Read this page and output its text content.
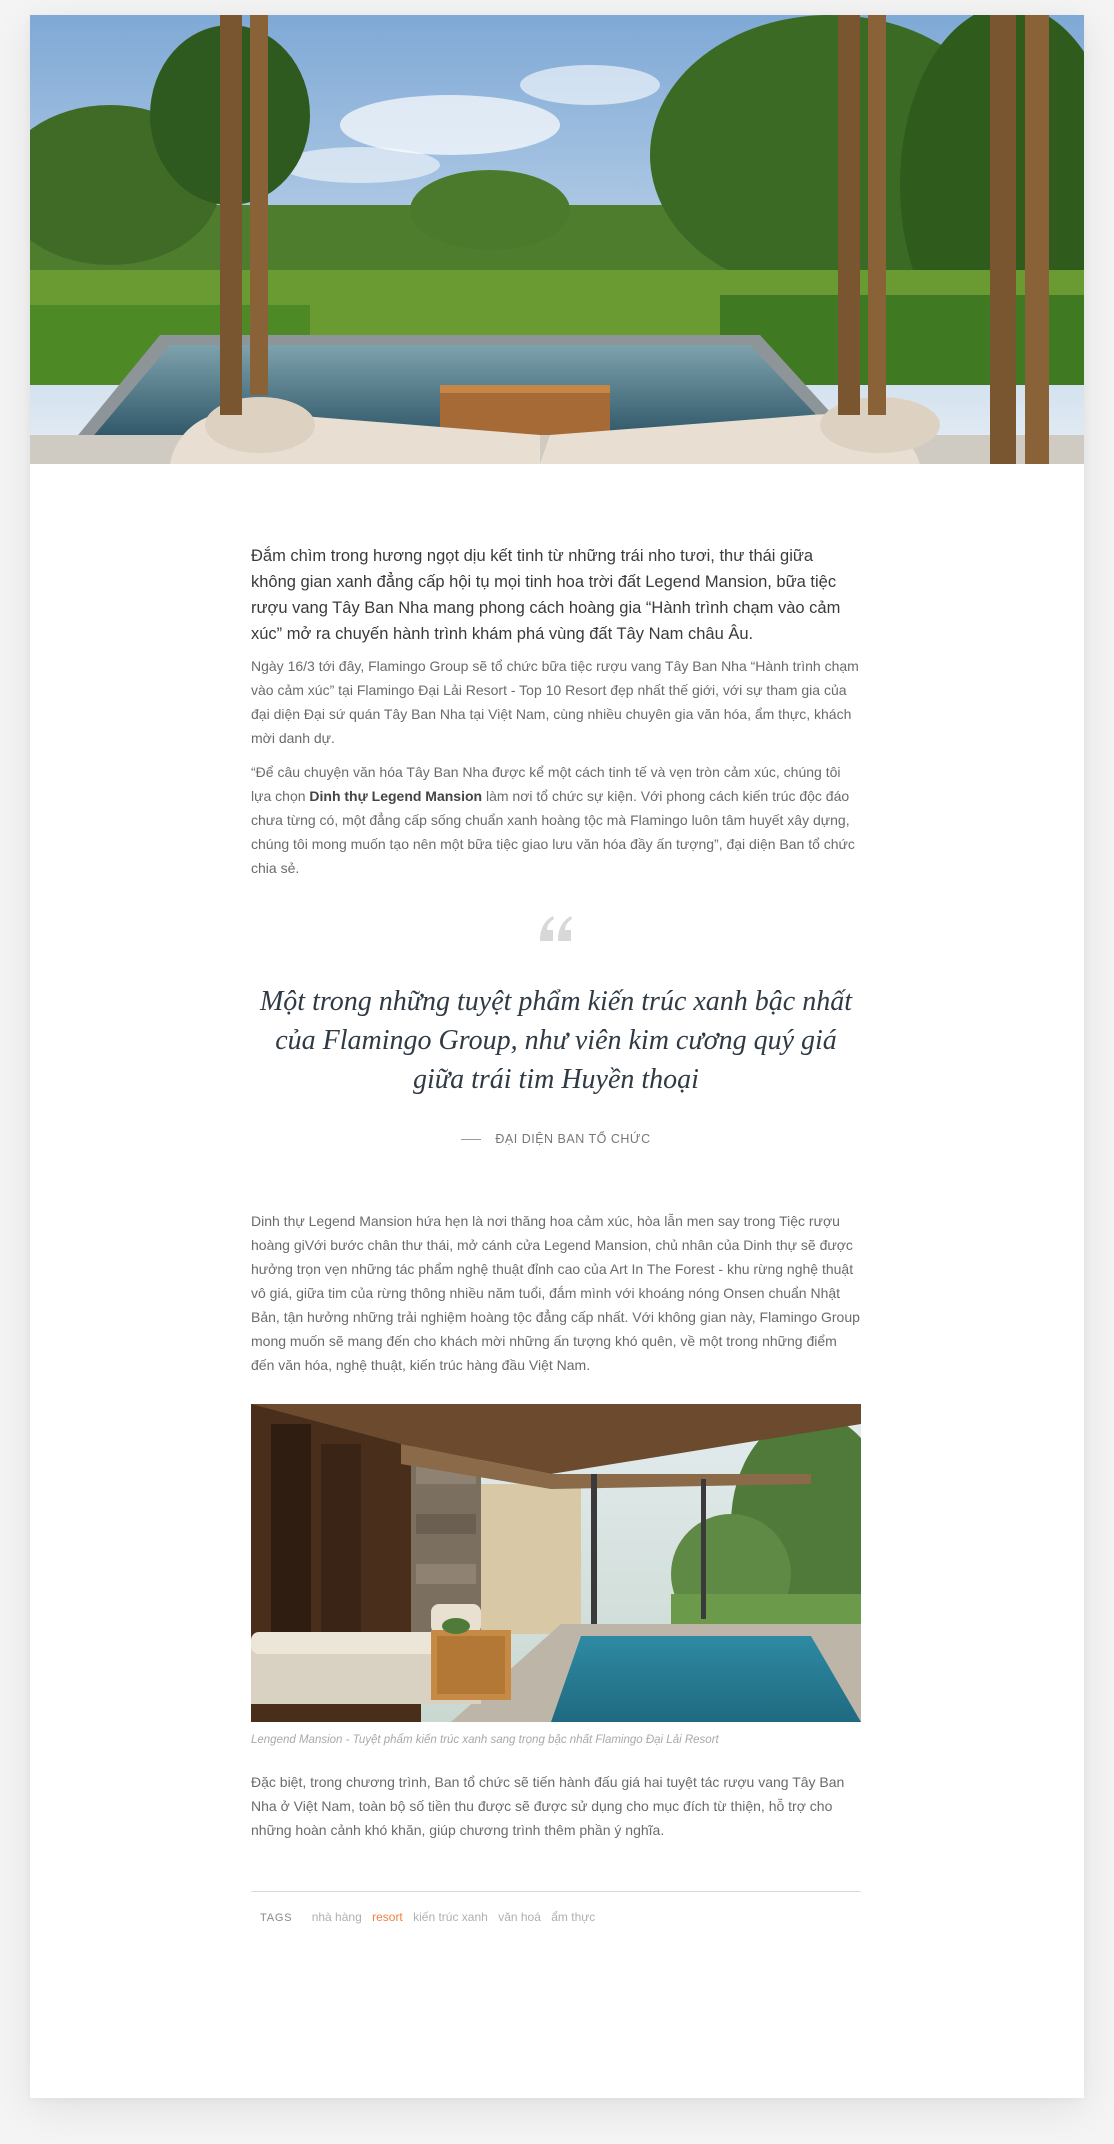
Đắm chìm trong hương ngọt dịu kết tinh từ những trái nho tươi, thư thái giữa không gian xanh đẳng cấp hội tụ mọi tinh hoa trời đất Legend Mansion, bữa tiệc rượu vang Tây Ban Nha mang phong cách hoàng gia “Hành trình chạm vào cảm xúc” mở ra chuyến hành trình khám phá vùng đất Tây Nam châu Âu.

Ngày 16/3 tới đây, Flamingo Group sẽ tổ chức bữa tiệc rượu vang Tây Ban Nha “Hành trình chạm vào cảm xúc” tại Flamingo Đại Lải Resort - Top 10 Resort đẹp nhất thế giới, với sự tham gia của đại diện Đại sứ quán Tây Ban Nha tại Việt Nam, cùng nhiều chuyên gia văn hóa, ẩm thực, khách mời danh dự.

“Để câu chuyện văn hóa Tây Ban Nha được kể một cách tinh tế và vẹn tròn cảm xúc, chúng tôi lựa chọn Dinh thự Legend Mansion làm nơi tổ chức sự kiện. Với phong cách kiến trúc độc đáo chưa từng có, một đẳng cấp sống chuẩn xanh hoàng tộc mà Flamingo luôn tâm huyết xây dựng, chúng tôi mong muốn tạo nên một bữa tiệc giao lưu văn hóa đầy ấn tượng”, đại diện Ban tổ chức chia sẻ.

Một trong những tuyệt phẩm kiến trúc xanh bậc nhất của Flamingo Group, như viên kim cương quý giá giữa trái tim Huyền thoại

ĐẠI DIỆN BAN TỔ CHỨC

Dinh thự Legend Mansion hứa hẹn là nơi thăng hoa cảm xúc, hòa lẫn men say trong Tiệc rượu hoàng giVới bước chân thư thái, mở cánh cửa Legend Mansion, chủ nhân của Dinh thự sẽ được hưởng trọn vẹn những tác phẩm nghệ thuật đỉnh cao của Art In The Forest - khu rừng nghệ thuật vô giá, giữa tim của rừng thông nhiều năm tuổi, đắm mình với khoáng nóng Onsen chuẩn Nhật Bản, tận hưởng những trải nghiệm hoàng tộc đẳng cấp nhất. Với không gian này, Flamingo Group mong muốn sẽ mang đến cho khách mời những ấn tượng khó quên, về một trong những điểm đến văn hóa, nghệ thuật, kiến trúc hàng đầu Việt Nam.

Lengend Mansion - Tuyệt phẩm kiến trúc xanh sang trọng bậc nhất Flamingo Đại Lải Resort

Đặc biệt, trong chương trình, Ban tổ chức sẽ tiến hành đấu giá hai tuyệt tác rượu vang Tây Ban Nha ở Việt Nam, toàn bộ số tiền thu được sẽ được sử dụng cho mục đích từ thiện, hỗ trợ cho những hoàn cảnh khó khăn, giúp chương trình thêm phần ý nghĩa.

TAGS nhà hàng resort kiến trúc xanh văn hoá ẩm thực
